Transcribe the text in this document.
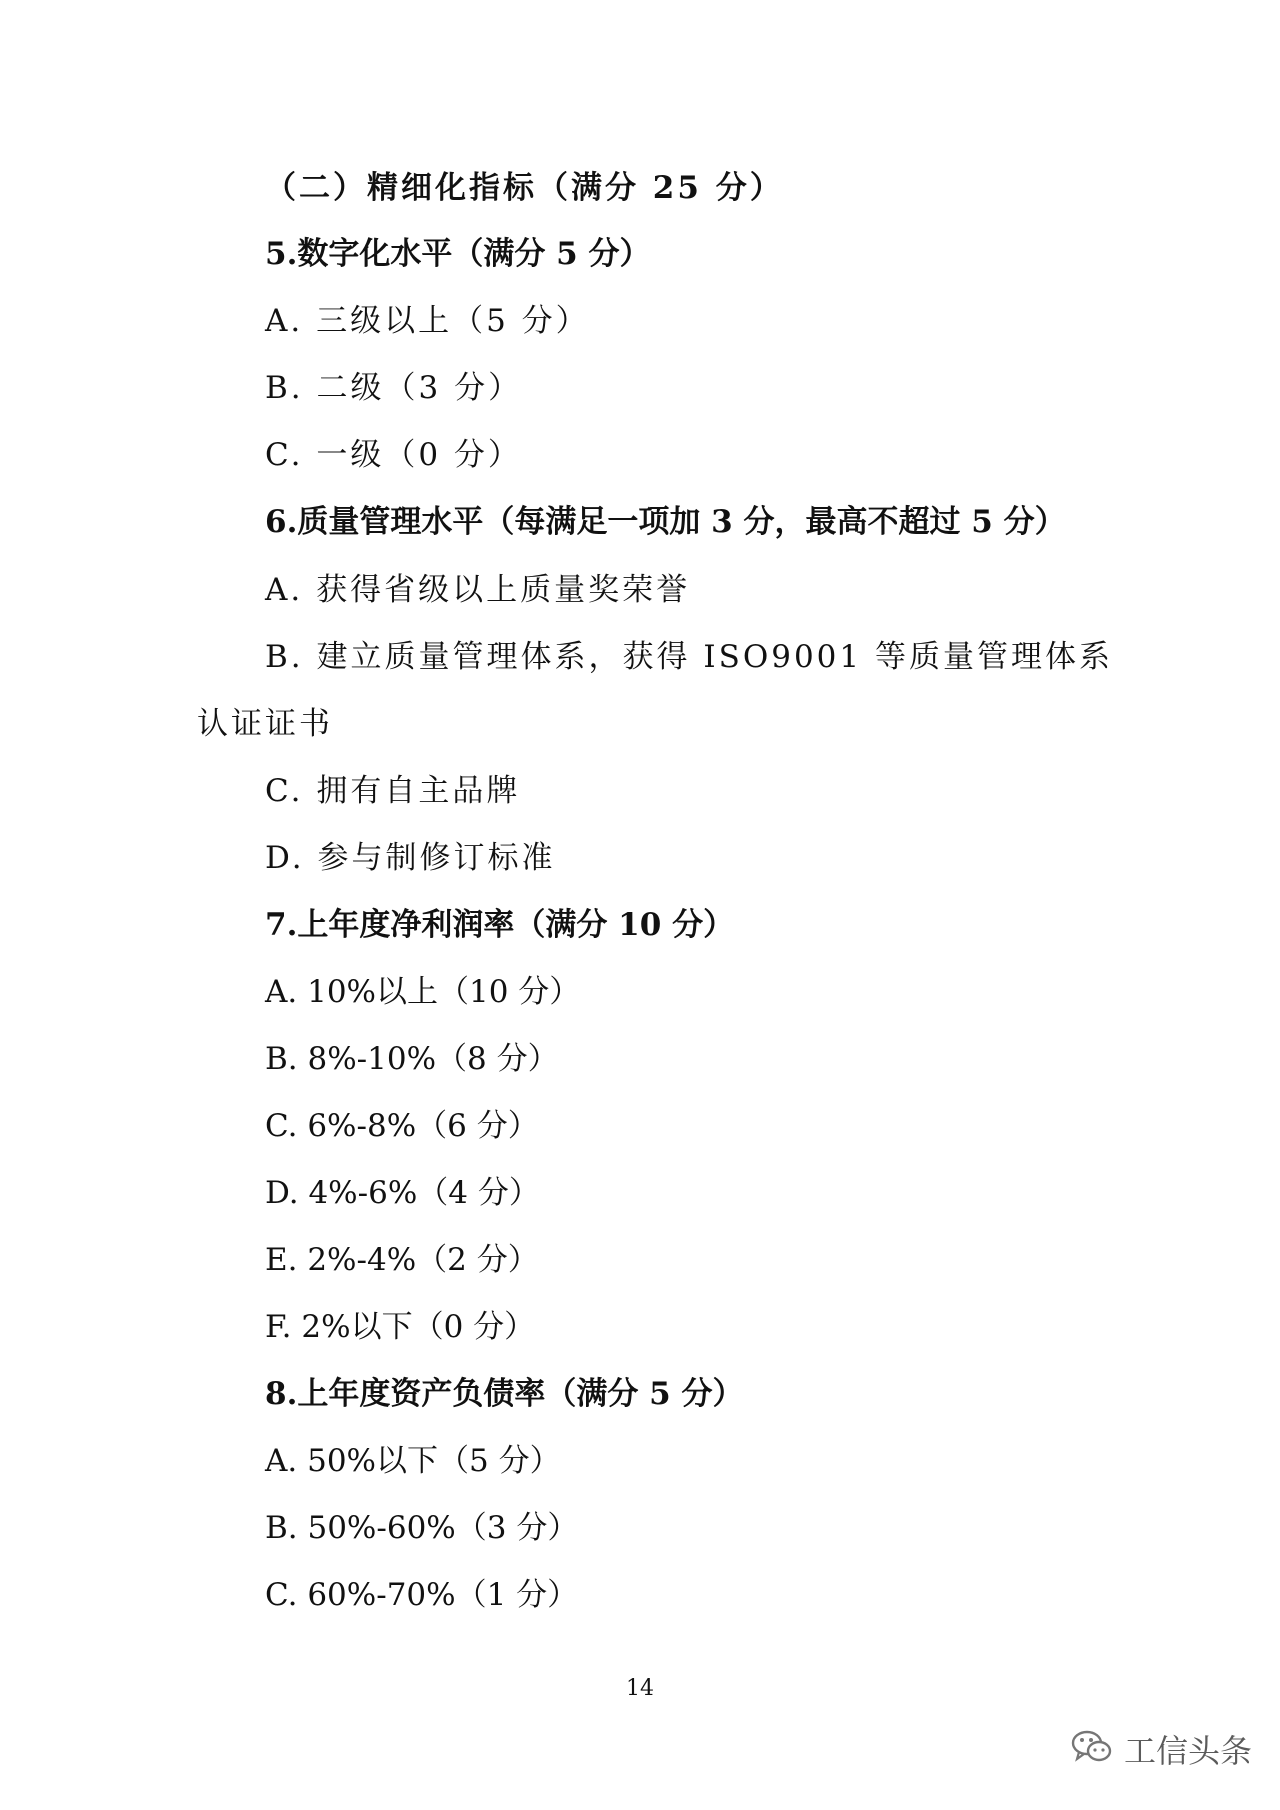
（二）精细化指标（满分 25 分）
5.数字化水平（满分 5 分）
A. 三级以上（5 分）
B. 二级（3 分）
C. 一级（0 分）
6.质量管理水平（每满足一项加 3 分，最高不超过 5 分）
A. 获得省级以上质量奖荣誉
B. 建立质量管理体系，获得 ISO9001 等质量管理体系
认证证书
C. 拥有自主品牌
D. 参与制修订标准
7.上年度净利润率（满分 10 分）
A. 10%以上（10 分）
B. 8%-10%（8 分）
C. 6%-8%（6 分）
D. 4%-6%（4 分）
E. 2%-4%（2 分）
F. 2%以下（0 分）
8.上年度资产负债率（满分 5 分）
A. 50%以下（5 分）
B. 50%-60%（3 分）
C. 60%-70%（1 分）
14
工信头条
